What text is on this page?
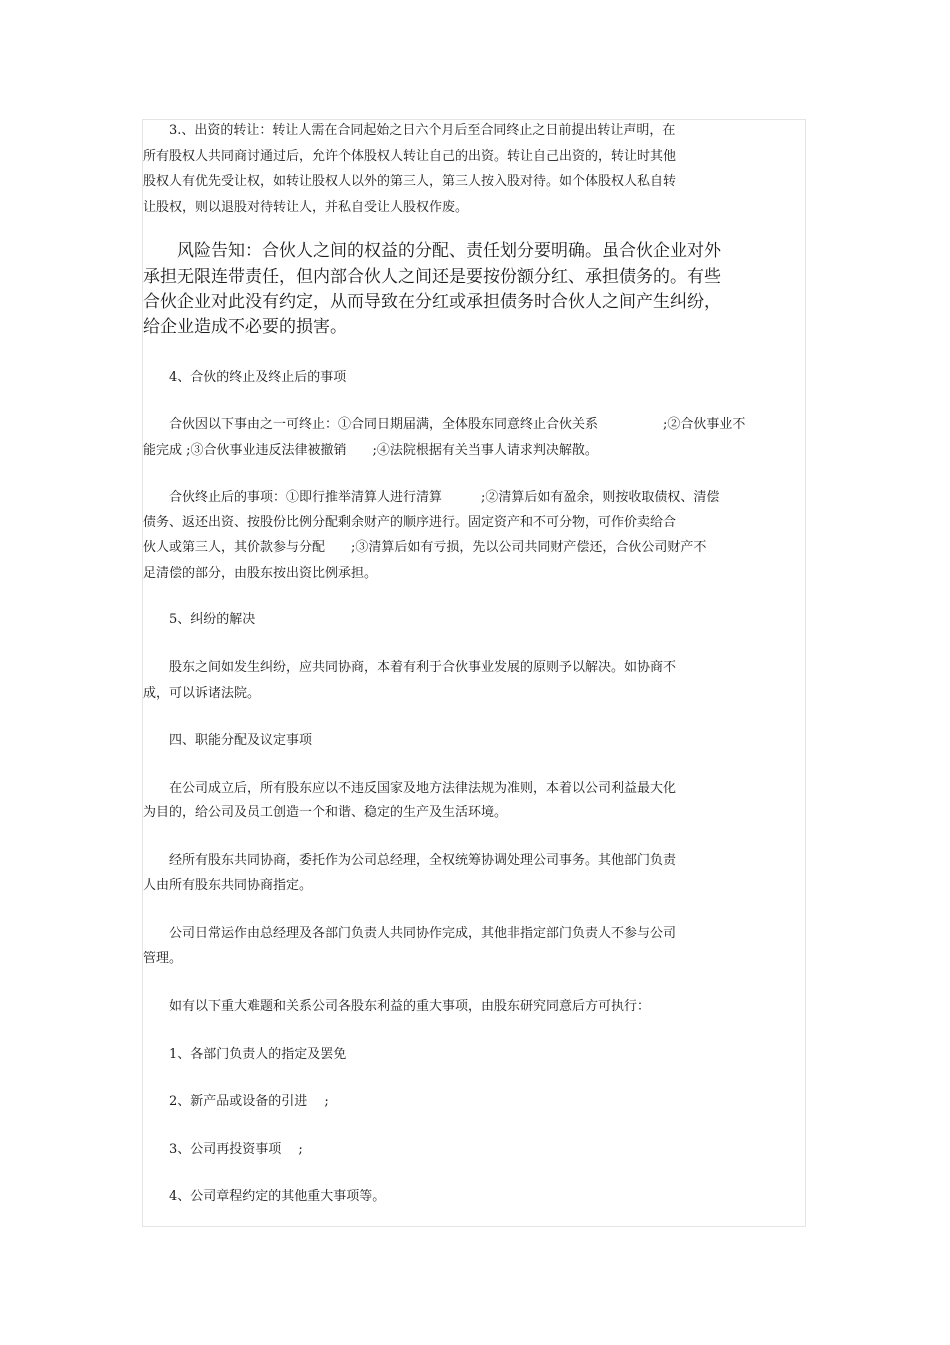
　　3.、出资的转让：转让人需在合同起始之日六个月后至合同终止之日前提出转让声明，在
所有股权人共同商讨通过后，允许个体股权人转让自己的出资。转让自己出资的，转让时其他
股权人有优先受让权，如转让股权人以外的第三人，第三人按入股对待。如个体股权人私自转
让股权，则以退股对待转让人，并私自受让人股权作废。
　　风险告知：合伙人之间的权益的分配、责任划分要明确。虽合伙企业对外
承担无限连带责任，但内部合伙人之间还是要按份额分红、承担债务的。有些
合伙企业对此没有约定，从而导致在分红或承担债务时合伙人之间产生纠纷，
给企业造成不必要的损害。
　　4、合伙的终止及终止后的事项
　　合伙因以下事由之一可终止：①合同日期届满，全体股东同意终止合伙关系　　　　　;②合伙事业不
能完成 ;③合伙事业违反法律被撤销　　;④法院根据有关当事人请求判决解散。
　　合伙终止后的事项：①即行推举清算人进行清算　　　;②清算后如有盈余，则按收取债权、清偿
债务、返还出资、按股份比例分配剩余财产的顺序进行。固定资产和不可分物，可作价卖给合
伙人或第三人，其价款参与分配　　;③清算后如有亏损，先以公司共同财产偿还，合伙公司财产不
足清偿的部分，由股东按出资比例承担。
　　5、纠纷的解决
　　股东之间如发生纠纷，应共同协商，本着有利于合伙事业发展的原则予以解决。如协商不
成，可以诉诸法院。
　　四、职能分配及议定事项
　　在公司成立后，所有股东应以不违反国家及地方法律法规为准则，本着以公司利益最大化
为目的，给公司及员工创造一个和谐、稳定的生产及生活环境。
　　经所有股东共同协商，委托作为公司总经理，全权统筹协调处理公司事务。其他部门负责
人由所有股东共同协商指定。
　　公司日常运作由总经理及各部门负责人共同协作完成，其他非指定部门负责人不参与公司
管理。
　　如有以下重大难题和关系公司各股东利益的重大事项，由股东研究同意后方可执行：
　　1、各部门负责人的指定及罢免
　　2、新产品或设备的引进　 ;
　　3、公司再投资事项　 ;
　　4、公司章程约定的其他重大事项等。
